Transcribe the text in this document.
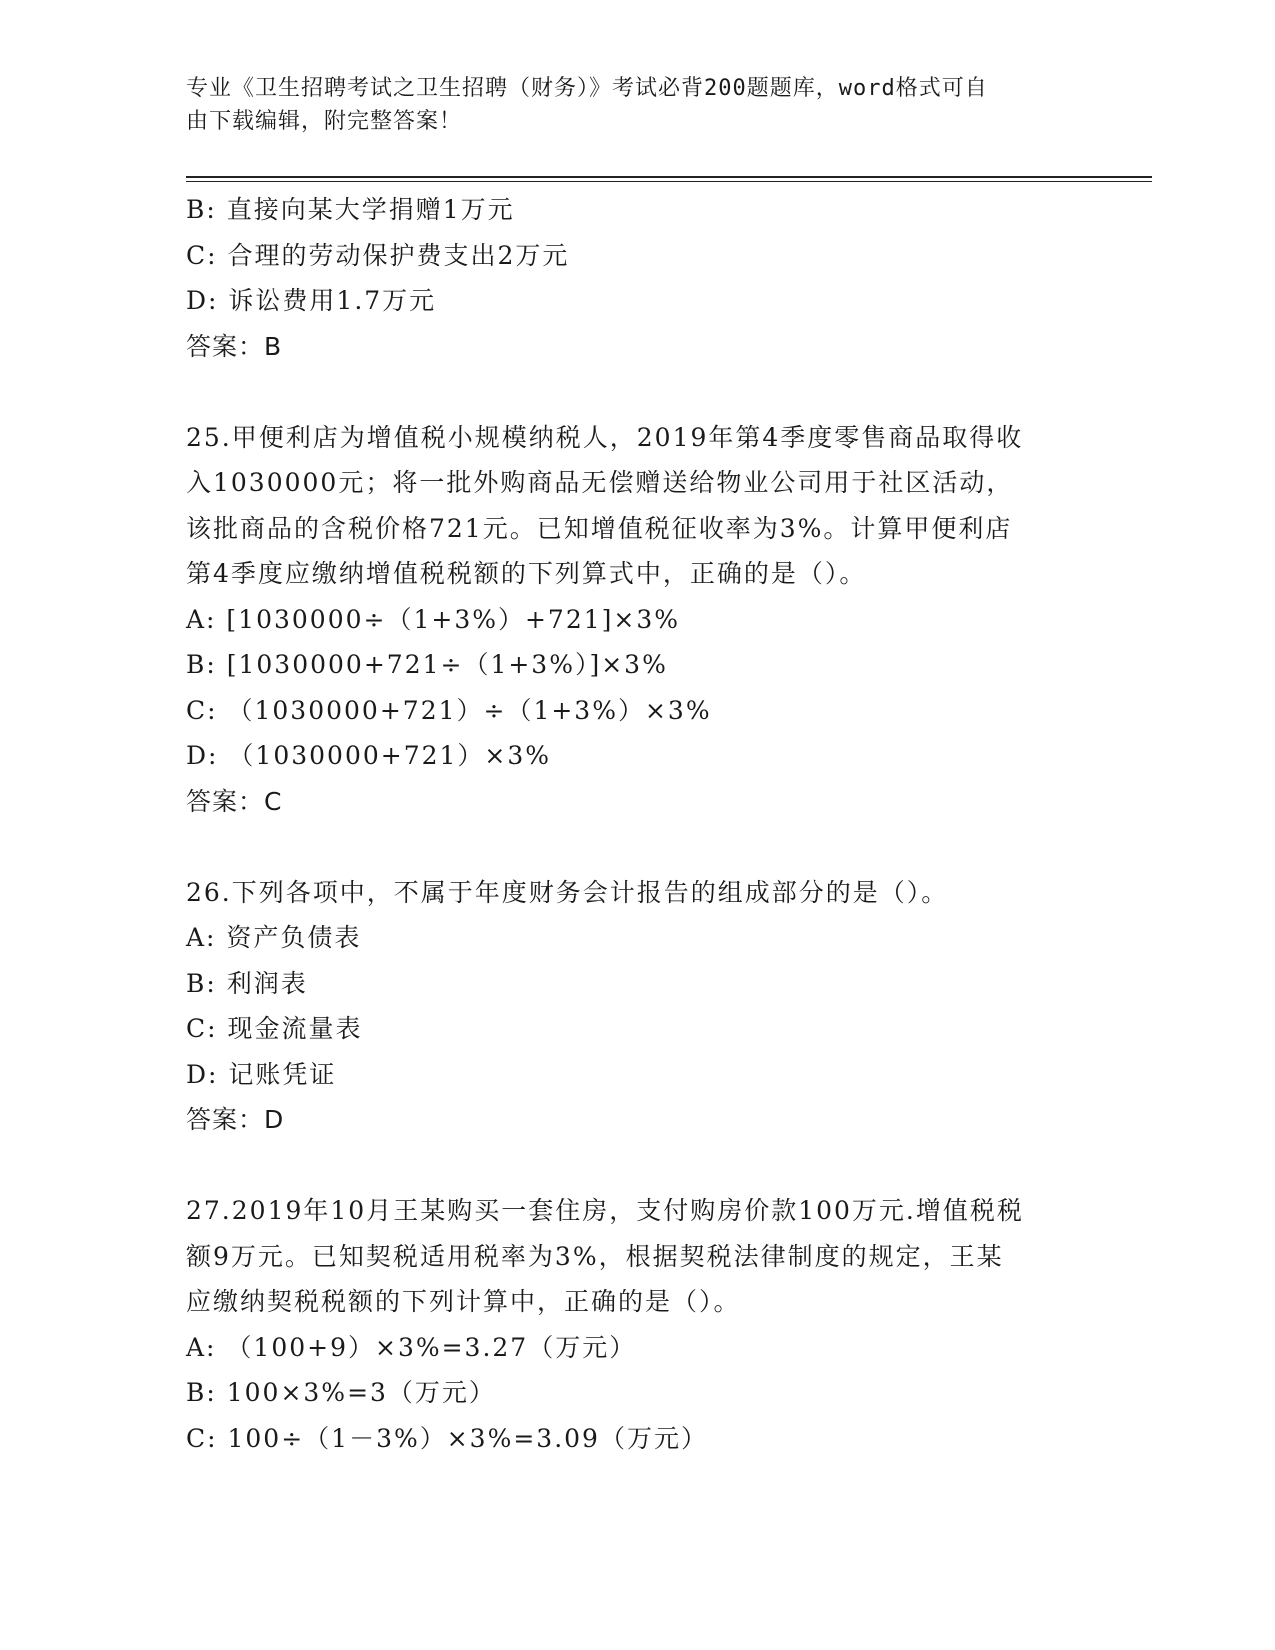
专业《卫生招聘考试之卫生招聘（财务）》考试必背200题题库，word格式可自
由下载编辑，附完整答案！
B: 直接向某大学捐赠1万元
C: 合理的劳动保护费支出2万元
D: 诉讼费用1.7万元
答案：B
25.甲便利店为增值税小规模纳税人，2019年第4季度零售商品取得收
入1030000元；将一批外购商品无偿赠送给物业公司用于社区活动，
该批商品的含税价格721元。已知增值税征收率为3%。计算甲便利店
第4季度应缴纳增值税税额的下列算式中，正确的是（）。
A: [1030000÷（1+3%）+721]×3%
B: [1030000+721÷（1+3%）]×3%
C: （1030000+721）÷（1+3%）×3%
D: （1030000+721）×3%
答案：C
26.下列各项中，不属于年度财务会计报告的组成部分的是（）。
A: 资产负债表
B: 利润表
C: 现金流量表
D: 记账凭证
答案：D
27.2019年10月王某购买一套住房，支付购房价款100万元.增值税税
额9万元。已知契税适用税率为3%，根据契税法律制度的规定，王某
应缴纳契税税额的下列计算中，正确的是（）。
A: （100+9）×3%=3.27（万元）
B: 100×3%=3（万元）
C: 100÷（1－3%）×3%=3.09（万元）
